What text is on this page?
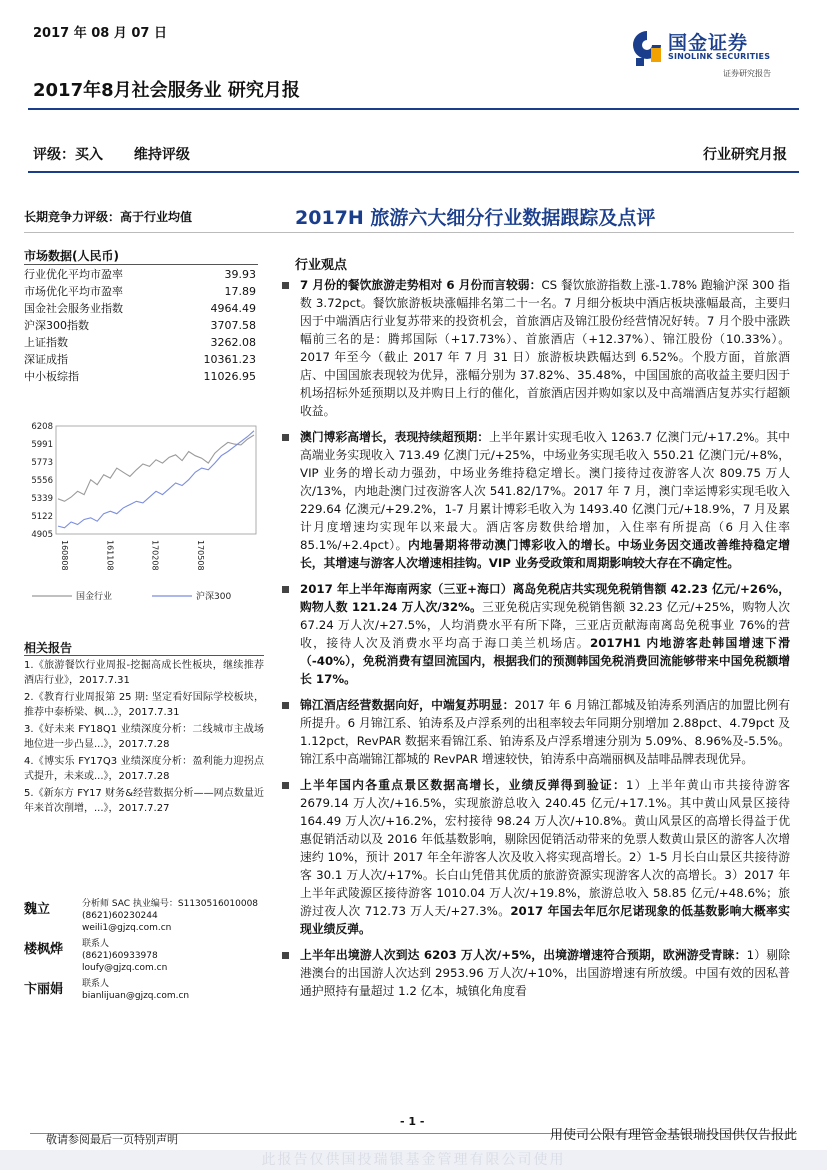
2017 年 08 月 07 日	国金证券
SINOLINK SECURITIES
证券研究报告
2017年8月社会服务业 研究月报
评级：买入 维持评级	行业研究月报
长期竞争力评级：高于行业均值	2017H 旅游六大细分行业数据跟踪及点评
市场数据(人民币)
行业优化平均市盈率	39.93
市场优化平均市盈率	17.89
国金社会服务业指数	4964.49
沪深300指数	3707.58
上证指数	3262.08
深证成指	10361.23
中小板综指	11026.95
6208
5991
5773
5556
5339
5122
4905
160808	161108	170208	170508
国金行业	沪深300
相关报告
1.《旅游餐饮行业周报-挖掘高成长性板块，继续推荐酒店行业》，2017.7.31
2.《教育行业周报第 25 期: 坚定看好国际学校板块，推荐中泰桥梁、枫...》，2017.7.31
3.《好未来 FY18Q1 业绩深度分析：二线城市主战场地位进一步凸显...》，2017.7.28
4.《博实乐 FY17Q3 业绩深度分析：盈利能力迎拐点式提升，未来或...》，2017.7.28
5.《新东方 FY17 财务&经营数据分析——网点数量近年来首次削增，...》，2017.7.27
魏立	分析师 SAC 执业编号：S1130516010008
(8621)60230244
weili1@gjzq.com.cn
楼枫烨 联系人
(8621)60933978
loufy@gjzq.com.cn
卞丽娟 联系人
bianlijuan@gjzq.com.cn
行业观点
7 月份的餐饮旅游走势相对 6 月份而言较弱：CS 餐饮旅游指数上涨-1.78% 跑输沪深 300 指数 3.72pct。餐饮旅游板块涨幅排名第二十一名。7 月细分板块中酒店板块涨幅最高，主要归因于中端酒店行业复苏带来的投资机会，首旅酒店及锦江股份经营情况好转。7 月个股中涨跌幅前三名的是：腾邦国际（+17.73%）、首旅酒店（+12.37%）、锦江股份（10.33%）。2017 年至今（截止 2017 年 7 月 31 日）旅游板块跌幅达到 6.52%。个股方面，首旅酒店、中国国旅表现较为优异，涨幅分别为 37.82%、35.48%，中国国旅的高收益主要归因于机场招标外延预期以及并购日上行的催化，首旅酒店因并购如家以及中高端酒店复苏实行超额收益。
澳门博彩高增长，表现持续超预期：上半年累计实现毛收入 1263.7 亿澳门元/+17.2%。其中高端业务实现收入 713.49 亿澳门元/+25%，中场业务实现毛收入 550.21 亿澳门元/+8%，VIP 业务的增长动力强劲，中场业务维持稳定增长。澳门接待过夜游客人次 809.75 万人次/13%，内地赴澳门过夜游客人次 541.82/17%。2017 年 7 月，澳门幸运博彩实现毛收入 229.64 亿澳元/+29.2%，1-7 月累计博彩毛收入为 1493.40 亿澳门元/+18.9%，7 月及累计月度增速均实现年以来最大。酒店客房数供给增加，入住率有所提高（6 月入住率 85.1%/+2.4pct）。内地暑期将带动澳门博彩收入的增长。中场业务因交通改善维持稳定增长，其增速与游客人次增速相挂钩。VIP 业务受政策和周期影响较大存在不确定性。
2017 年上半年海南两家（三亚+海口）离岛免税店共实现免税销售额 42.23 亿元/+26%，购物人数 121.24 万人次/32%。三亚免税店实现免税销售额 32.23 亿元/+25%，购物人次 67.24 万人次/+27.5%，人均消费水平有所下降，三亚店贡献海南离岛免税事业 76%的营收，接待人次及消费水平均高于海口美兰机场店。2017H1 内地游客赴韩国增速下滑（-40%），免税消费有望回流国内，根据我们的预测韩国免税消费回流能够带来中国免税额增长 17%。
锦江酒店经营数据向好，中端复苏明显：2017 年 6 月锦江都城及铂涛系列酒店的加盟比例有所提升。6 月锦江系、铂涛系及卢浮系列的出租率较去年同期分别增加 2.88pct、4.79pct 及 1.12pct，RevPAR 数据来看锦江系、铂涛系及卢浮系增速分别为 5.09%、8.96%及-5.5%。锦江系中高端锦江都城的 RevPAR 增速较快，铂涛系中高端丽枫及喆啡品牌表现优异。
上半年国内各重点景区数据高增长，业绩反弹得到验证：1）上半年黄山市共接待游客 2679.14 万人次/+16.5%，实现旅游总收入 240.45 亿元/+17.1%。其中黄山风景区接待 164.49 万人次/+16.2%，宏村接待 98.24 万人次/+10.8%。黄山风景区的高增长得益于优惠促销活动以及 2016 年低基数影响，剔除因促销活动带来的免票人数黄山景区的游客人次增速约 10%，预计 2017 年全年游客人次及收入将实现高增长。2）1-5 月长白山景区共接待游客 30.1 万人次/+17%。长白山凭借其优质的旅游资源实现游客人次的高增长。3）2017 年上半年武陵源区接待游客 1010.04 万人次/+19.8%，旅游总收入 58.85 亿元/+48.6%；旅游过夜人次 712.73 万人天/+27.3%。2017 年国去年厄尔尼诺现象的低基数影响大概率实现业绩反弹。
上半年出境游人次到达 6203 万人次/+5%，出境游增速符合预期，欧洲游受青睐：1）剔除港澳台的出国游人次达到 2953.96 万人次/+10%，出国游增速有所放缓。中国有效的因私普通护照持有量超过 1.2 亿本，城镇化角度看
- 1 -
敬请参阅最后一页特别声明	用使司公限有理管金基银瑞投国供仅告报此
此报告仅供国投瑞银基金管理有限公司使用
